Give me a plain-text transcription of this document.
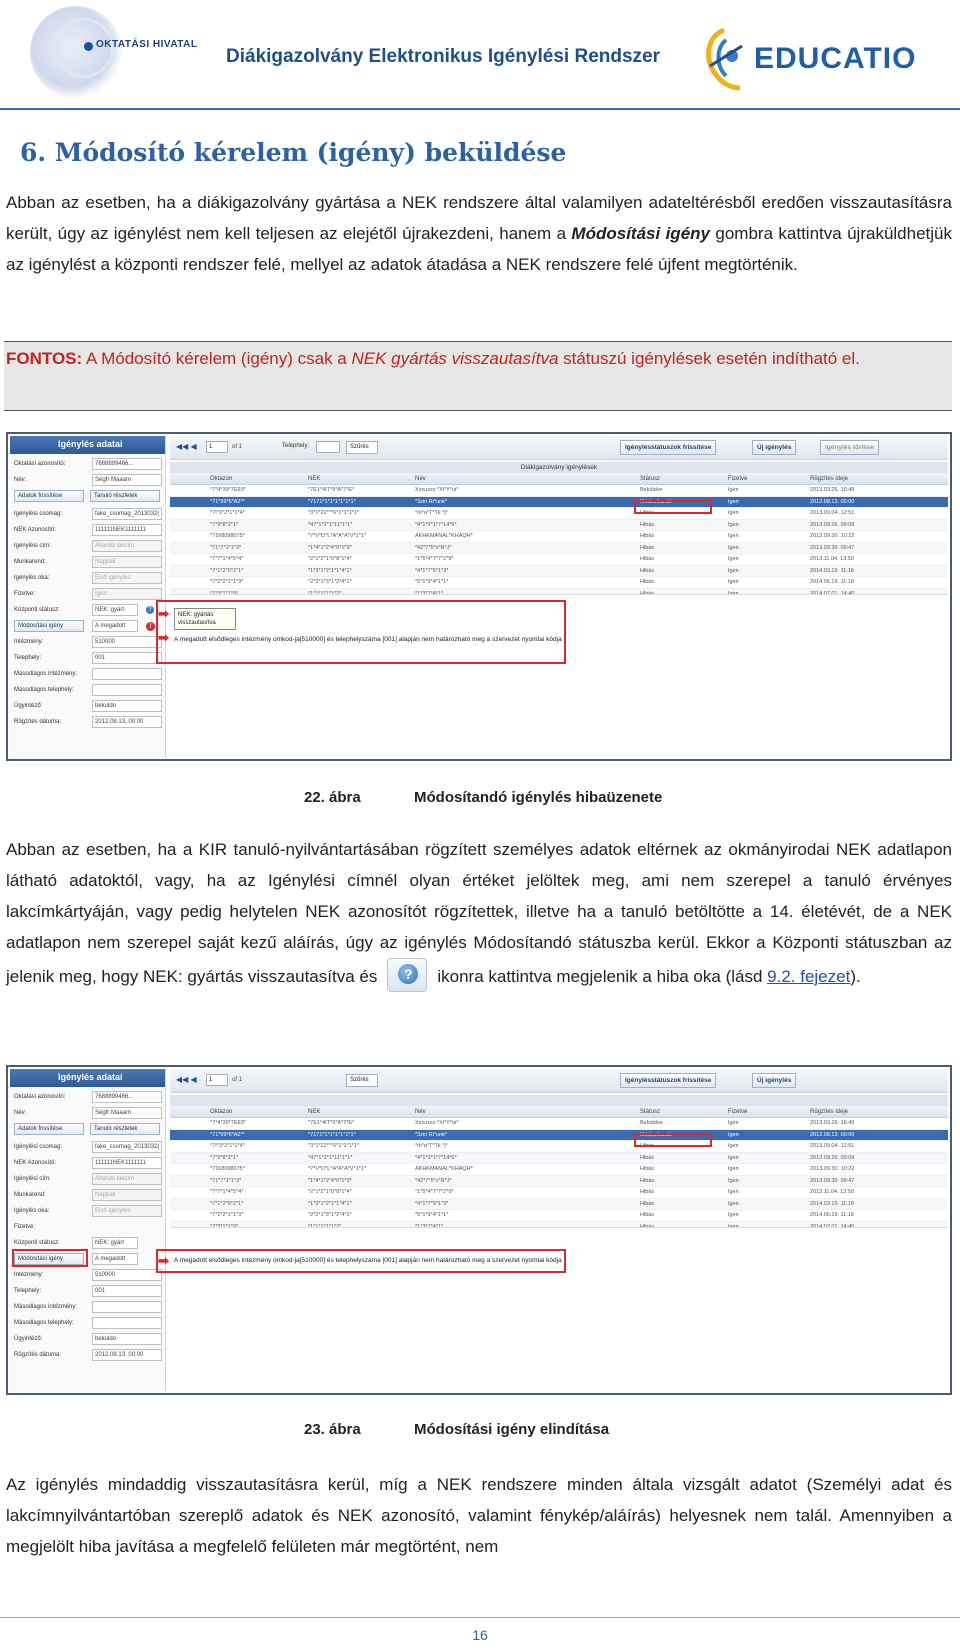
OKTATÁSI HIVATAL
Diákigazolvány Elektronikus Igénylési Rendszer	EDUCATIO
6. Módosító kérelem (igény) beküldése
Abban az esetben, ha a diákigazolvány gyártása a NEK rendszere által valamilyen adateltérésből eredően visszautasításra került, úgy az igénylést nem kell teljesen az elejétől újrakezdeni, hanem a Módosítási igény gombra kattintva újraküldhetjük az igénylést a központi rendszer felé, mellyel az adatok átadása a NEK rendszere felé újfent megtörténik.
FONTOS: A Módosító kérelem (igény) csak a NEK gyártás visszautasítva státuszú igénylések esetén indítható el.
Igénylés adatai
Oktatási azonosító:	7688899466...
Név:	Ségfr Maaam
Adatok frissítése	Tanuló részletek
Igénylési csomag:	fake_csomag_2013032(
NEK Azonosító:	111111NEK1111111
Igénylési cím:	Állandó lakcím
Munkarend:	Nappali
Igénylés oka:	Első igénylés
Fizetve:	Igen
Központi státusz:	NEK: gyárt	?
Módosítási igény	A megadott	!
Intézmény:	510000
Telephely:	001
Másodlagos intézmény:
Másodlagos telephely:
Ügyintéző:	bekuldo
Rögzítés dátuma:	2012.08.13. 00:00
◀◀ ◀	1	of 1	Telephely:	Szűrés	Igénylésstátuszok frissítése	Új igénylés	Igénylés törlése
Diákigazolvány igénylések
Oktazon	NEK	Név	Státusz	Fizetve	Rögzítés ideje
*7*4*39*7E93*	*7E1*4IT*9*A*7*E*	Xxxuxxx *Xi*Y*ui*	Beküldve	Igen	2013.03.26. 16:49
*71*99*6*A2**	*7171*1*1*1*1*1*1*	*3ziri Ri*unk*	Módosítandó	Igen	2012.08.13. 00:00
*7I*3*2*1*1*4*	*3*1*22***6*1*1*1*1*	*rk*a*T*Tk *j*	Hibás	Igen	2013.09.04. 12:51
*7*9*8*2*1*	*47*1*2*1*11*1*1*	*4*1*9*1*7*14*6*	Hibás	Igen	2013.09.26. 09:09
*7168098075*	*7*V*D*L*A*A*A*V*1*1*	AKHKMANAL*KHAQH*	Hibás	Igen	2013.09.30. 10:22
*71*7*1*1*3*	*1*4*1*2*4*0*1*3*	*42*7*5*x*R*J*	Hibás	Igen	2013.09.30. 09:47
*7*7*1*4*5*4*	*2*1*2*1*0*8*1*4*	*1*5*4*7*7*2*9*	Hibás	Igen	2013.11.04. 13:50
*7*1*2*5*2*1*	*1*3*1*2*1*1*4*1*	*4*1*7*5*1*3*	Hibás	Igen	2014.03.19. 11:18
*7*2*2*1*1*3*	*2*2*1*3*1*2*4*1*	*5*1*9*4*1*1*	Hibás	Igen	2014.06.19. 11:18
NEK: gyártás
visszautasítva
➡
➡ A megadott elsődleges intézmény omkod-ja[510000] és telephelyszáma [001] alapján nem határozható meg a szervezet nyomtai kódja
22. ábra	Módosítandó igénylés hibaüzenete
Abban az esetben, ha a KIR tanuló-nyilvántartásában rögzített személyes adatok eltérnek az okmányirodai NEK adatlapon látható adatoktól, vagy, ha az Igénylési címnél olyan értéket jelöltek meg, ami nem szerepel a tanuló érvényes lakcímkártyáján, vagy pedig helytelen NEK azonosítót rögzítettek, illetve ha a tanuló betöltötte a 14. életévét, de a NEK adatlapon nem szerepel saját kezű aláírás, úgy az igénylés Módosítandó státuszba kerül. Ekkor a Központi státuszban az jelenik meg, hogy NEK: gyártás visszautasítva és ?	ikonra kattintva megjelenik a hiba oka (lásd 9.2. fejezet).
Igénylés adatai
Oktatási azonosító:	7688899466...
Név:	Ségfr Maaam
Adatok frissítése	Tanuló részletek
Igénylési csomag:	fake_csomag_2013032(
NEK Azonosító:	111111NEK1111111
Igénylési cím:	Állandó lakcím
Munkarend:	Nappali
Igénylés oka:	Első igénylés
Fizetve:
Központi státusz:	NEK: gyárt
Módosítási igény	A megadott
Intézmény:	510000
Telephely:	001
Másodlagos intézmény:
Másodlagos telephely:
Ügyintéző:	bekuldo
Rögzítés dátuma:	2012.08.13. 00:00
◀◀ ◀	1	of 1	Szűrés	Igénylésstátuszok frissítése	Új igénylés
Oktazon	NEK	Név	Státusz	Fizetve	Rögzítés ideje
*7*4*39*7E93*	*7E1*4IT*9*A*7*E*	Xxxuxxx *Xi*Y*ui*	Beküldve	Igen	2013.03.26. 16:49
*71*99*6*A2**	*7171*1*1*1*1*1*1*	*3ziri Ri*unk*	Módosítandó	Igen	2012.08.13. 00:00
*7I*3*2*1*1*4*	*3*1*22***6*1*1*1*1*	*rk*a*T*Tk *j*	Hibás	Igen	2013.09.04. 12:51
*7*9*8*2*1*	*47*1*2*1*11*1*1*	*4*1*9*1*7*14*6*	Hibás	Igen	2013.09.26. 09:09
*7168098075*	*7*V*D*L*A*A*A*V*1*1*	AKHKMANAL*KHAQH*	Hibás	Igen	2013.09.30. 10:22
*71*7*1*1*3*	*1*4*1*2*4*0*1*3*	*42*7*5*x*R*J*	Hibás	Igen	2013.09.30. 09:47
*7*7*1*4*5*4*	*2*1*2*1*0*8*1*4*	*1*5*4*7*7*2*9*	Hibás	Igen	2013.11.04. 13:50
*7*1*2*5*2*1*	*1*3*1*2*1*1*4*1*	*4*1*7*5*1*3*	Hibás	Igen	2014.03.19. 11:18
*7*2*2*1*1*3*	*2*2*1*3*1*2*4*1*	*5*1*9*4*1*1*	Hibás	Igen	2014.06.19. 11:18
➡ A megadott elsődleges intézmény omkod-ja[510000] és telephelyszáma [001] alapján nem határozható meg a szervezet nyomtai kódja
23. ábra	Módosítási igény elindítása
Az igénylés mindaddig visszautasításra kerül, míg a NEK rendszere minden általa vizsgált adatot (Személyi adat és lakcímnyilvántartóban szereplő adatok és NEK azonosító, valamint fénykép/aláírás) helyesnek nem talál. Amennyiben a megjelölt hiba javítása a megfelelő felületen már megtörtént, nem
16
